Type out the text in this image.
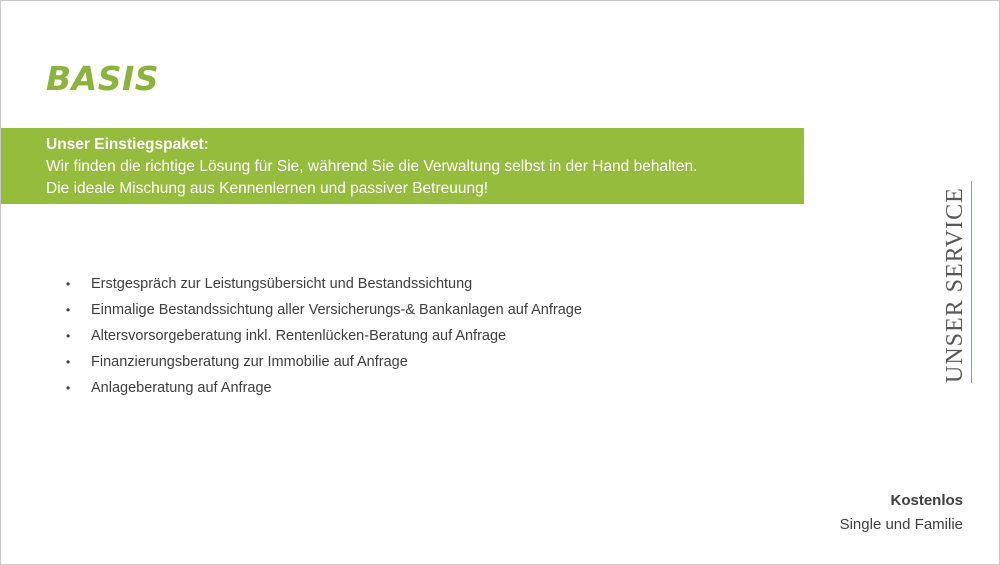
BASIS
Unser Einstiegspaket:
Wir finden die richtige Lösung für Sie, während Sie die Verwaltung selbst in der Hand behalten.
Die ideale Mischung aus Kennenlernen und passiver Betreuung!
• Erstgespräch zur Leistungsübersicht und Bestandssichtung
• Einmalige Bestandssichtung aller Versicherungs-& Bankanlagen auf Anfrage
• Altersvorsorgeberatung inkl. Rentenlücken-Beratung auf Anfrage
• Finanzierungsberatung zur Immobilie auf Anfrage
• Anlageberatung auf Anfrage
UNSER SERVICE
Kostenlos
Single und Familie
